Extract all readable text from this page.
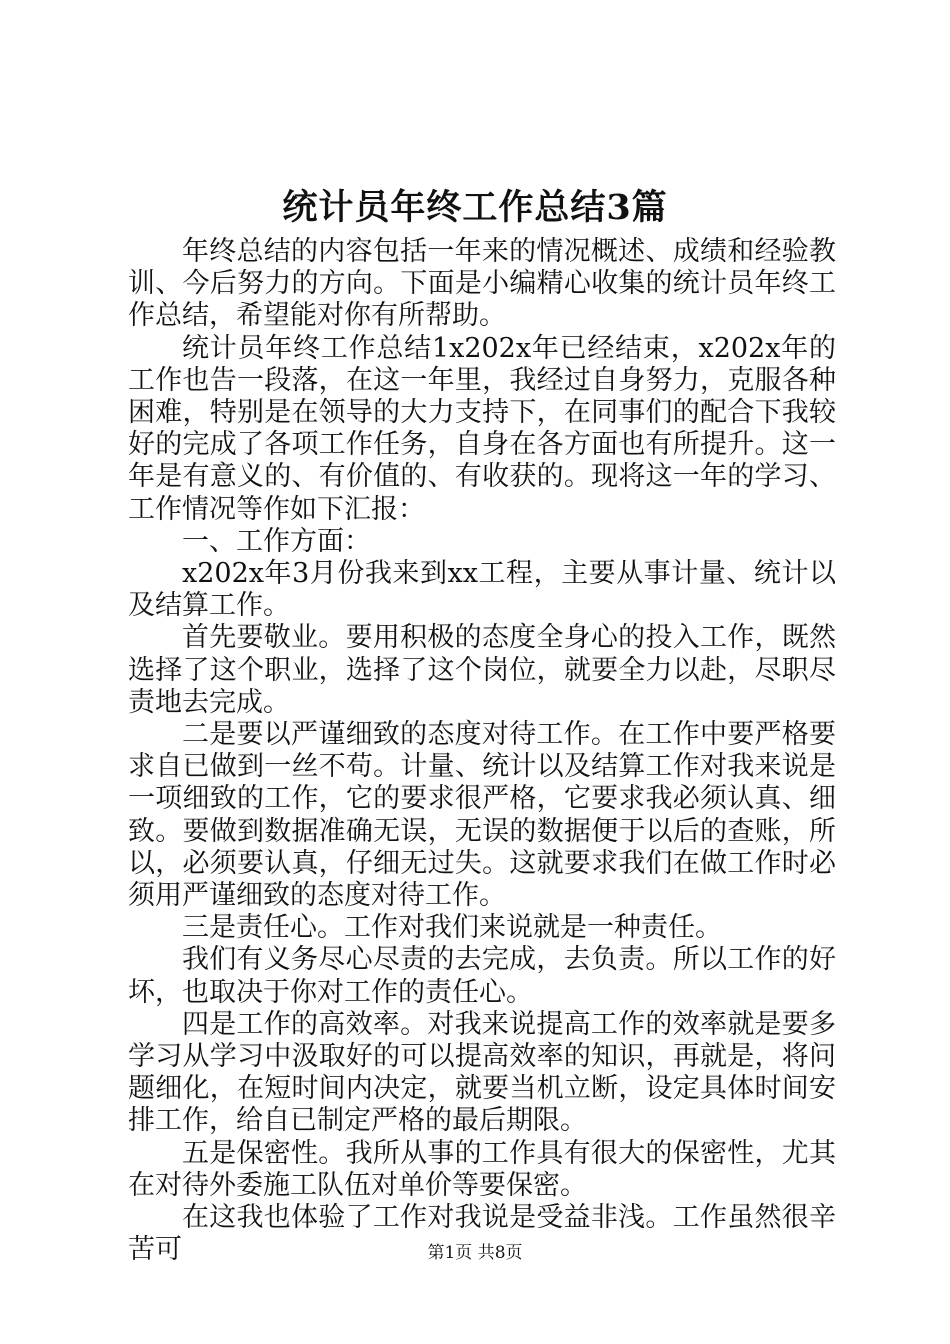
统计员年终工作总结3篇

年终总结的内容包括一年来的情况概述、成绩和经验教训、今后努力的方向。下面是小编精心收集的统计员年终工作总结，希望能对你有所帮助。

统计员年终工作总结1x202x年已经结束，x202x年的工作也告一段落，在这一年里，我经过自身努力，克服各种困难，特别是在领导的大力支持下，在同事们的配合下我较好的完成了各项工作任务，自身在各方面也有所提升。这一年是有意义的、有价值的、有收获的。现将这一年的学习、工作情况等作如下汇报：

一、工作方面：

x202x年3月份我来到xx工程，主要从事计量、统计以及结算工作。

首先要敬业。要用积极的态度全身心的投入工作，既然选择了这个职业，选择了这个岗位，就要全力以赴，尽职尽责地去完成。

二是要以严谨细致的态度对待工作。在工作中要严格要求自已做到一丝不苟。计量、统计以及结算工作对我来说是一项细致的工作，它的要求很严格，它要求我必须认真、细致。要做到数据准确无误，无误的数据便于以后的查账，所以，必须要认真，仔细无过失。这就要求我们在做工作时必须用严谨细致的态度对待工作。

三是责任心。工作对我们来说就是一种责任。

我们有义务尽心尽责的去完成，去负责。所以工作的好坏，也取决于你对工作的责任心。

四是工作的高效率。对我来说提高工作的效率就是要多学习从学习中汲取好的可以提高效率的知识，再就是，将问题细化，在短时间内决定，就要当机立断，设定具体时间安排工作，给自已制定严格的最后期限。

五是保密性。我所从事的工作具有很大的保密性，尤其在对待外委施工队伍对单价等要保密。

在这我也体验了工作对我说是受益非浅。工作虽然很辛苦可	第1页 共8页
